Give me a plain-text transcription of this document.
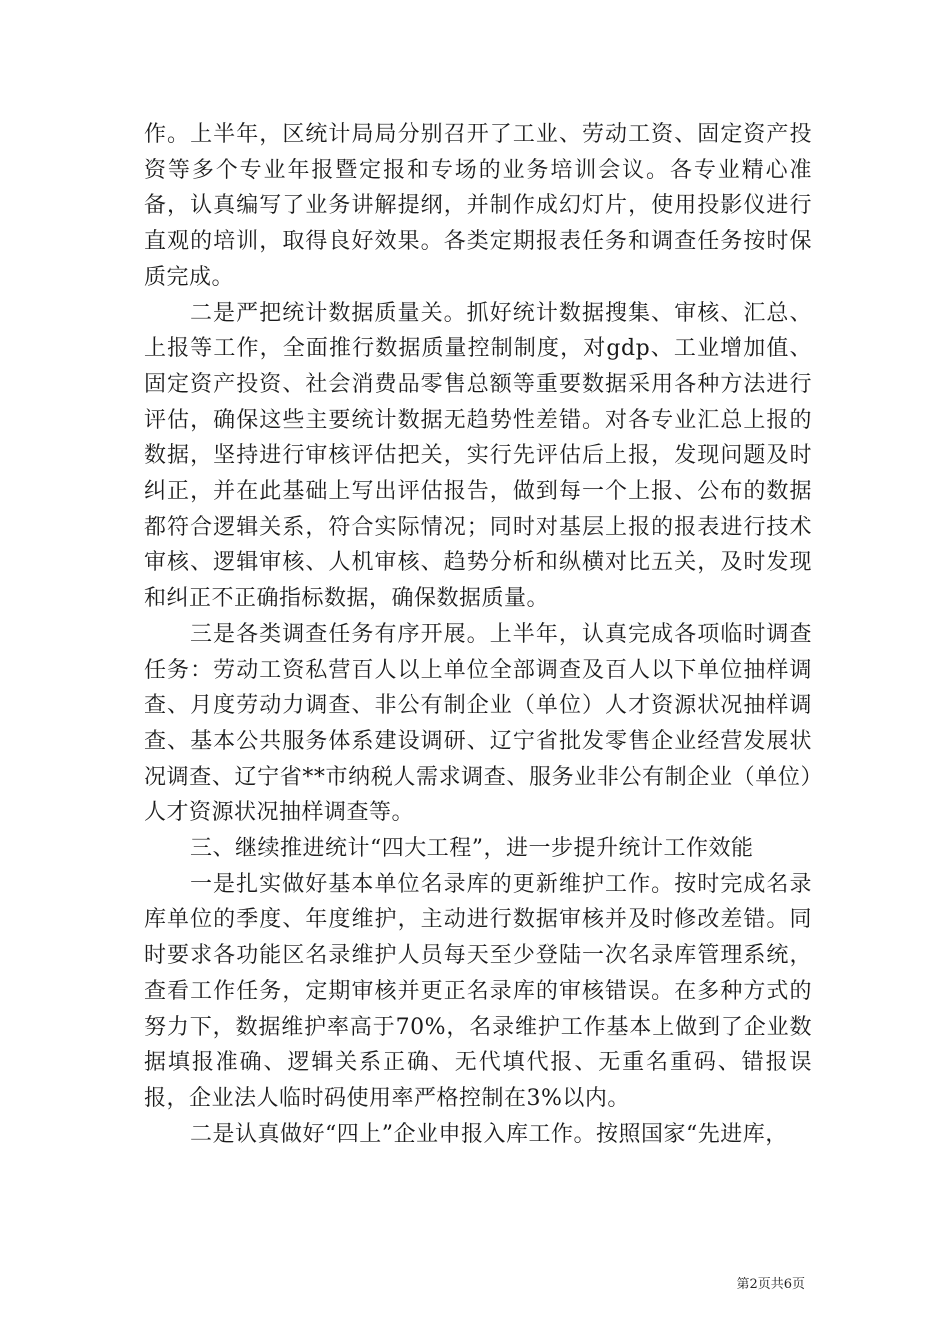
作。上半年，区统计局局分别召开了工业、劳动工资、固定资产投资等多个专业年报暨定报和专场的业务培训会议。各专业精心准备，认真编写了业务讲解提纲，并制作成幻灯片，使用投影仪进行直观的培训，取得良好效果。各类定期报表任务和调查任务按时保质完成。

二是严把统计数据质量关。抓好统计数据搜集、审核、汇总、上报等工作，全面推行数据质量控制制度，对gdp、工业增加值、固定资产投资、社会消费品零售总额等重要数据采用各种方法进行评估，确保这些主要统计数据无趋势性差错。对各专业汇总上报的数据，坚持进行审核评估把关，实行先评估后上报，发现问题及时纠正，并在此基础上写出评估报告，做到每一个上报、公布的数据都符合逻辑关系，符合实际情况；同时对基层上报的报表进行技术审核、逻辑审核、人机审核、趋势分析和纵横对比五关，及时发现和纠正不正确指标数据，确保数据质量。

三是各类调查任务有序开展。上半年，认真完成各项临时调查任务：劳动工资私营百人以上单位全部调查及百人以下单位抽样调查、月度劳动力调查、非公有制企业（单位）人才资源状况抽样调查、基本公共服务体系建设调研、辽宁省批发零售企业经营发展状况调查、辽宁省**市纳税人需求调查、服务业非公有制企业（单位）人才资源状况抽样调查等。

三、继续推进统计“四大工程”，进一步提升统计工作效能

一是扎实做好基本单位名录库的更新维护工作。按时完成名录库单位的季度、年度维护，主动进行数据审核并及时修改差错。同时要求各功能区名录维护人员每天至少登陆一次名录库管理系统，查看工作任务，定期审核并更正名录库的审核错误。在多种方式的努力下，数据维护率高于70%，名录维护工作基本上做到了企业数据填报准确、逻辑关系正确、无代填代报、无重名重码、错报误报，企业法人临时码使用率严格控制在3%以内。

二是认真做好“四上”企业申报入库工作。按照国家“先进库，

第2页共6页
